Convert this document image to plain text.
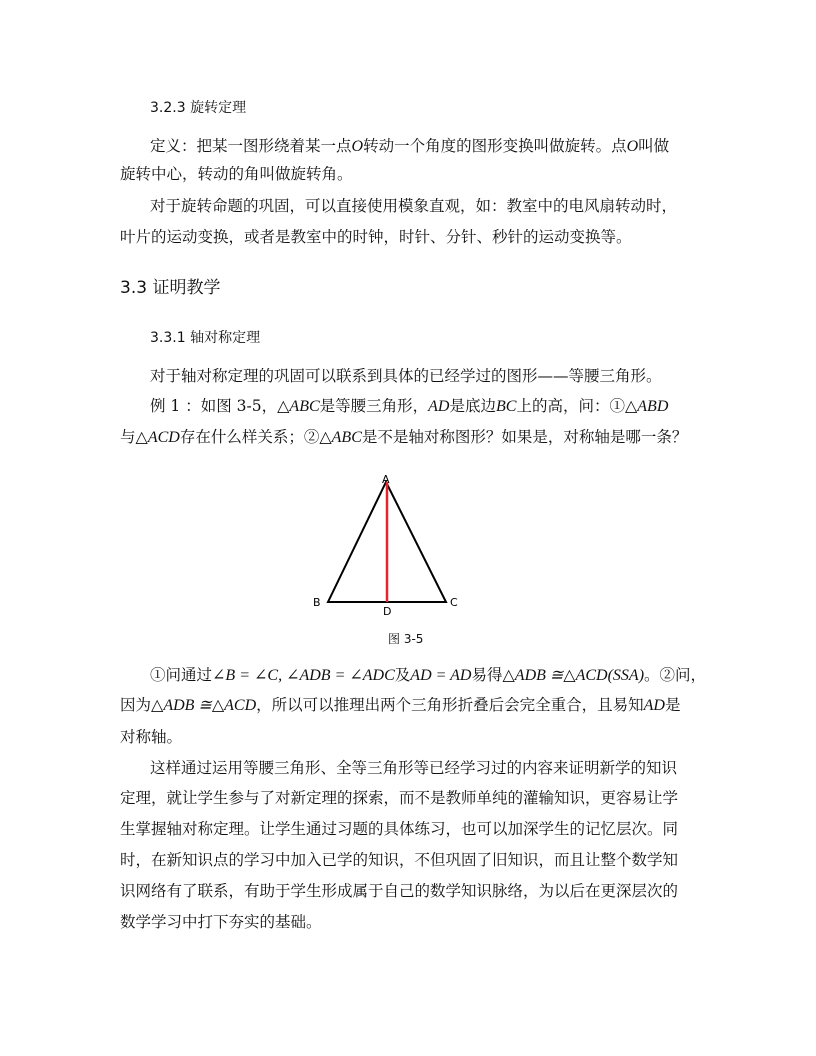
3.2.3 旋转定理
定义：把某一图形绕着某一点O转动一个角度的图形变换叫做旋转。点O叫做
旋转中心，转动的角叫做旋转角。
对于旋转命题的巩固，可以直接使用模象直观，如：教室中的电风扇转动时，
叶片的运动变换，或者是教室中的时钟，时针、分针、秒针的运动变换等。
3.3 证明教学
3.3.1 轴对称定理
对于轴对称定理的巩固可以联系到具体的已经学过的图形——等腰三角形。
例 1 ：如图 3-5，△ABC是等腰三角形，AD是底边BC上的高，问：①△ABD
与△ACD存在什么样关系；②△ABC是不是轴对称图形？如果是，对称轴是哪一条？
A
B	C
D
图 3-5
①问通过∠B = ∠C, ∠ADB = ∠ADC及AD = AD易得△ADB ≅△ACD(SSA)。②问，
因为△ADB ≅△ACD，所以可以推理出两个三角形折叠后会完全重合，且易知AD是
对称轴。
这样通过运用等腰三角形、全等三角形等已经学习过的内容来证明新学的知识
定理，就让学生参与了对新定理的探索，而不是教师单纯的灌输知识，更容易让学
生掌握轴对称定理。让学生通过习题的具体练习，也可以加深学生的记忆层次。同
时，在新知识点的学习中加入已学的知识，不但巩固了旧知识，而且让整个数学知
识网络有了联系，有助于学生形成属于自己的数学知识脉络，为以后在更深层次的
数学学习中打下夯实的基础。
